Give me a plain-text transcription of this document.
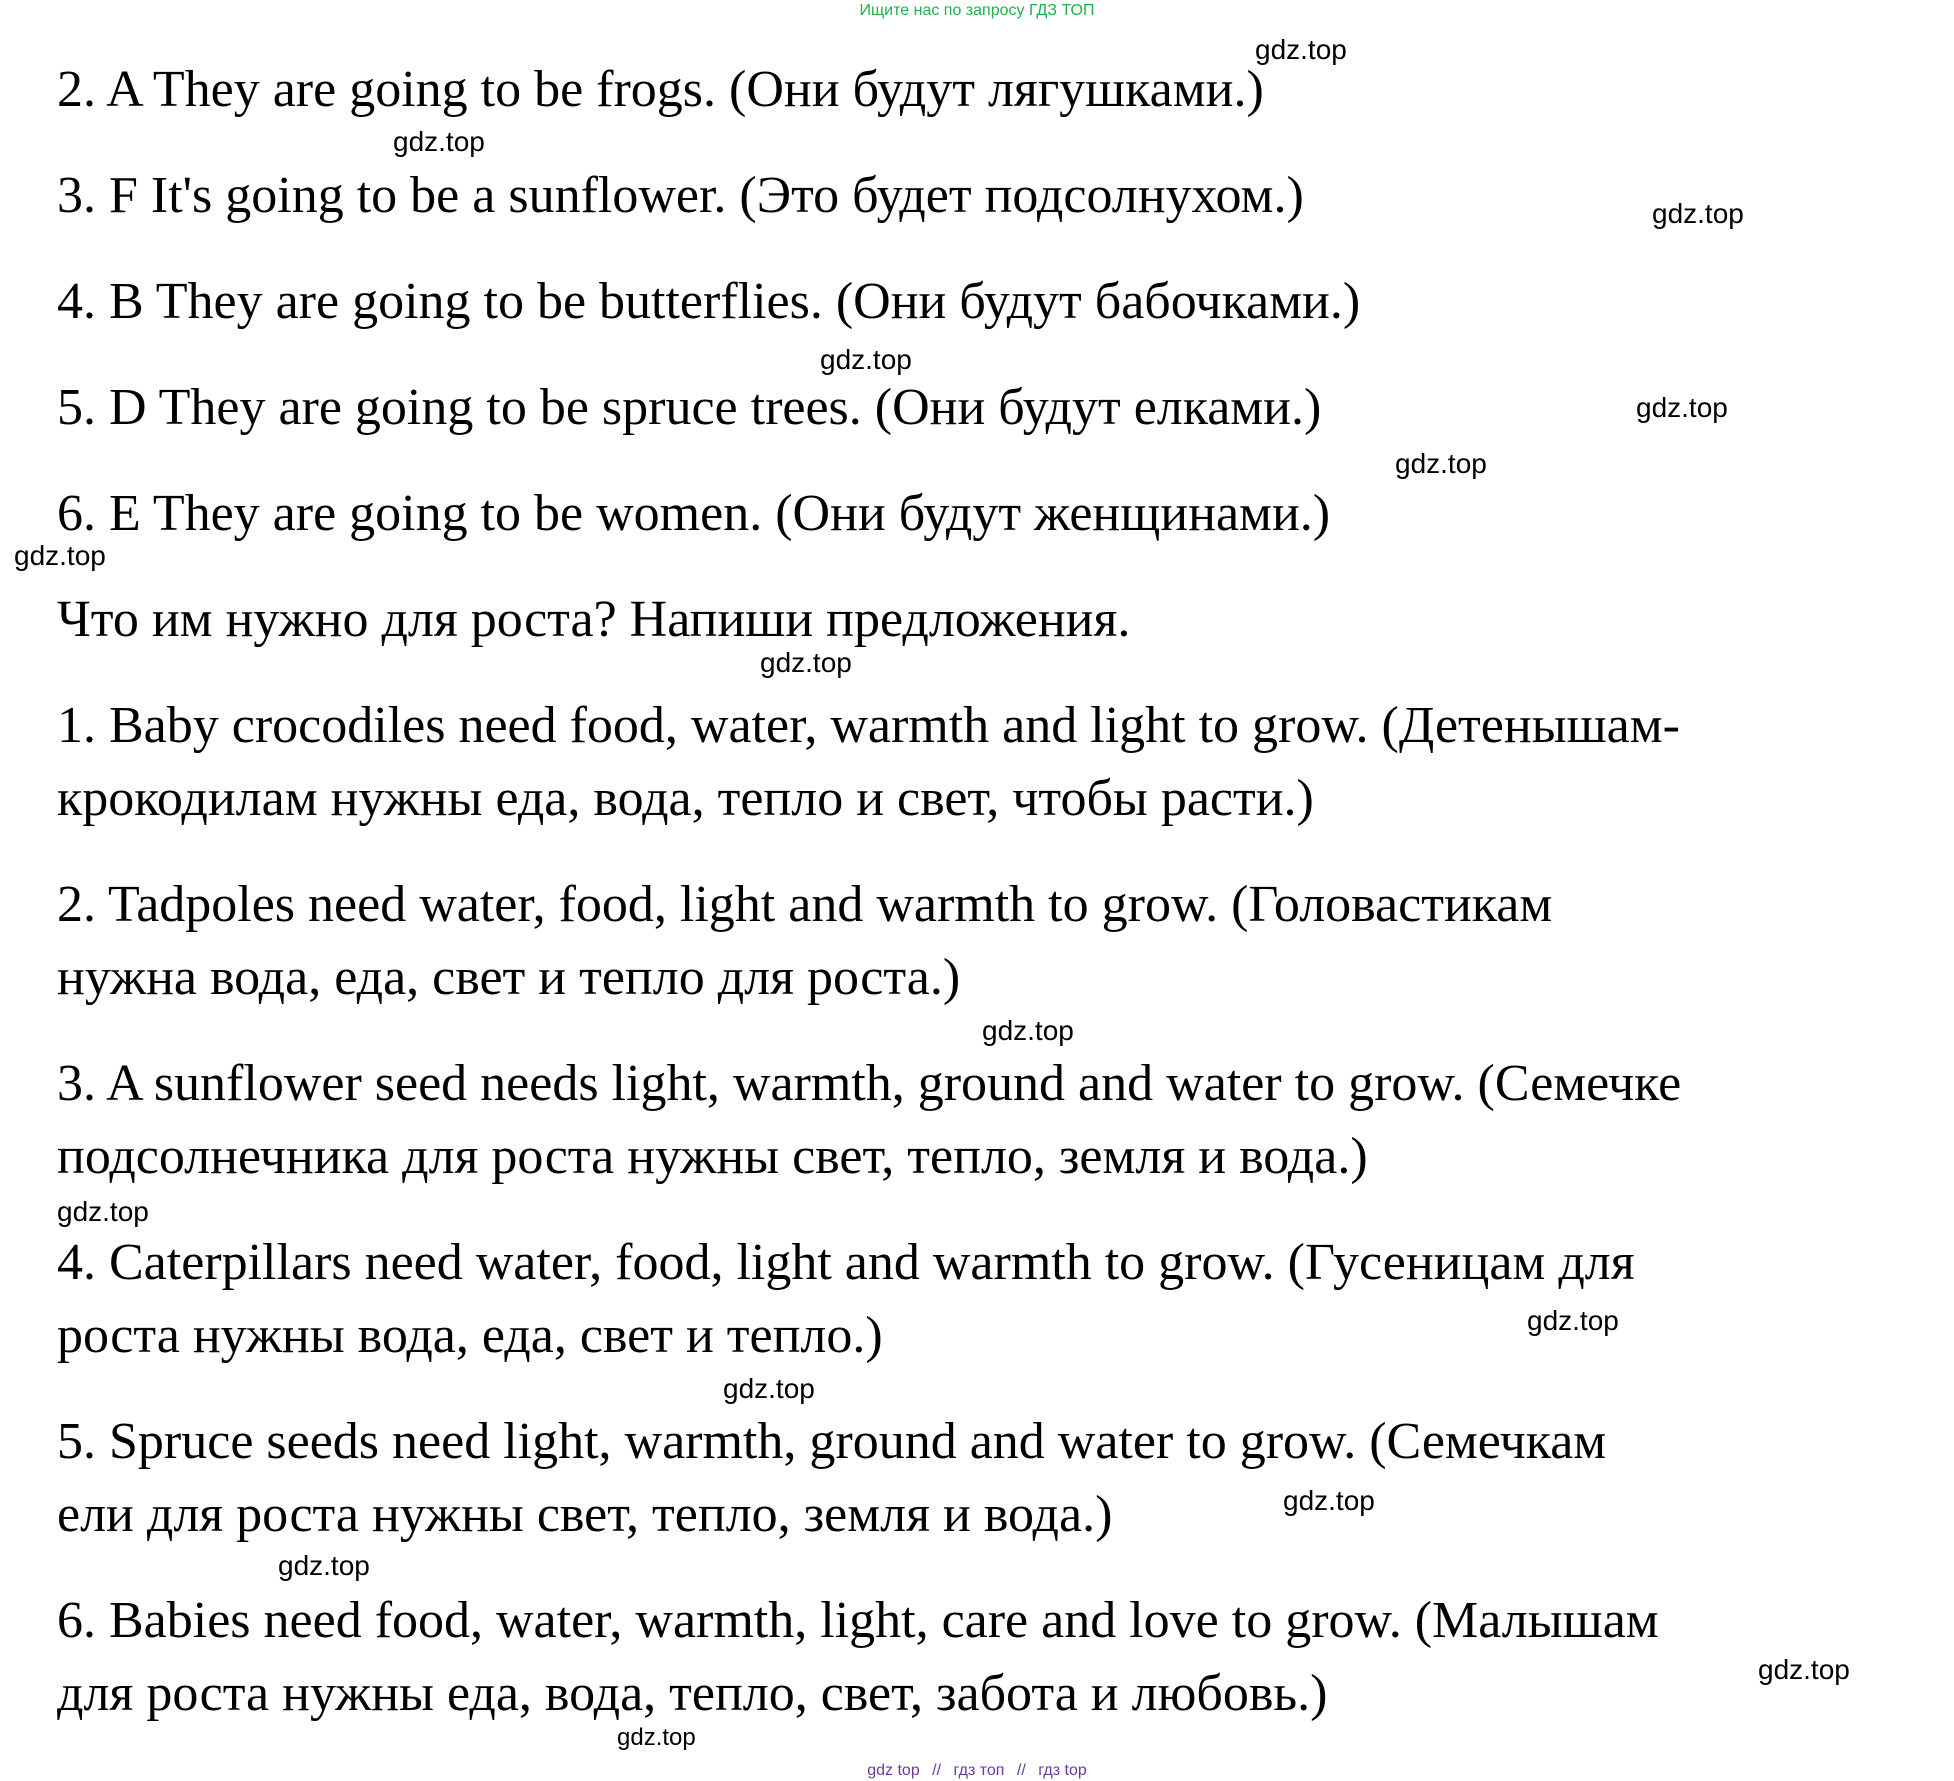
Ищите нас по запросу ГДЗ ТОП
2. A They are going to be frogs. (Они будут лягушками.)
3. F It's going to be a sunflower. (Это будет подсолнухом.)
4. B They are going to be butterflies. (Они будут бабочками.)
5. D They are going to be spruce trees. (Они будут елками.)
6. E They are going to be women. (Они будут женщинами.)
Что им нужно для роста? Напиши предложения.
1. Baby crocodiles need food, water, warmth and light to grow. (Детенышам-
крокодилам нужны еда, вода, тепло и свет, чтобы расти.)
2. Tadpoles need water, food, light and warmth to grow. (Головастикам
нужна вода, еда, свет и тепло для роста.)
3. A sunflower seed needs light, warmth, ground and water to grow. (Семечке
подсолнечника для роста нужны свет, тепло, земля и вода.)
4. Caterpillars need water, food, light and warmth to grow. (Гусеницам для
роста нужны вода, еда, свет и тепло.)
5. Spruce seeds need light, warmth, ground and water to grow. (Семечкам
ели для роста нужны свет, тепло, земля и вода.)
6. Babies need food, water, warmth, light, care and love to grow. (Малышам
для роста нужны еда, вода, тепло, свет, забота и любовь.)
gdz.top
gdz.top
gdz.top
gdz.top
gdz.top
gdz.top
gdz.top
gdz.top
gdz.top
gdz.top
gdz.top
gdz.top
gdz.top
gdz.top
gdz.top
gdz.top
gdz top // гдз топ // гдз top
